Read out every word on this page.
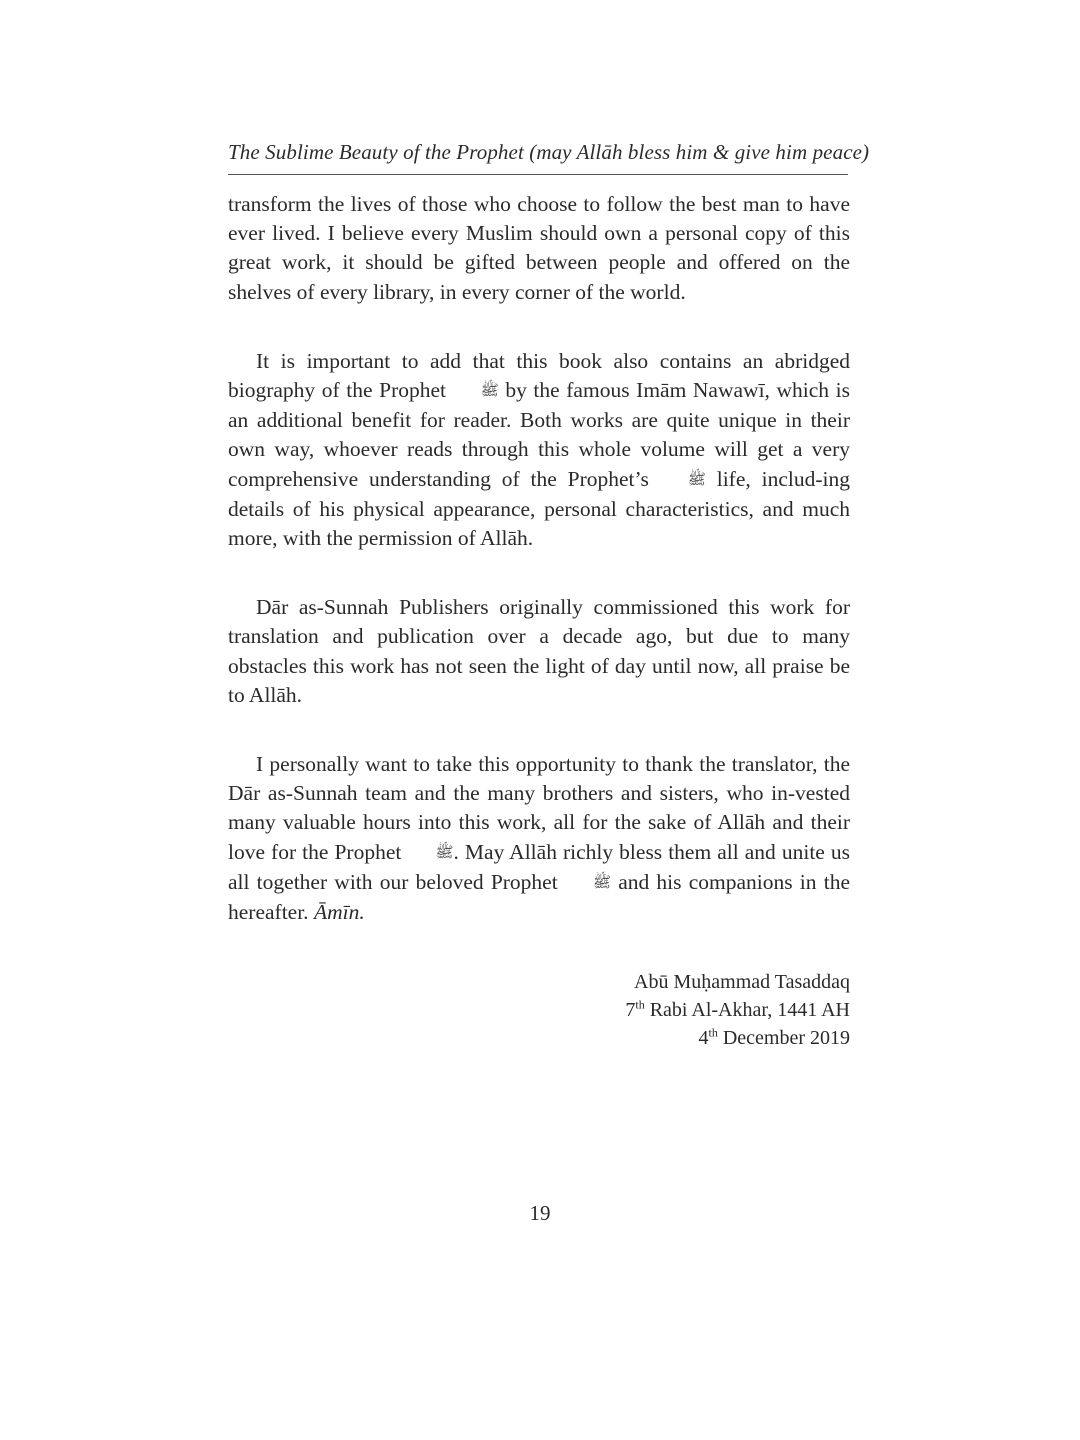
The Sublime Beauty of the Prophet (may Allāh bless him & give him peace)

transform the lives of those who choose to follow the best man to have ever lived. I believe every Muslim should own a personal copy of this great work, it should be gifted between people and offered on the shelves of every library, in every corner of the world.

It is important to add that this book also contains an abridged biography of the Prophet ﷺ by the famous Imām Nawawī, which is an additional benefit for reader. Both works are quite unique in their own way, whoever reads through this whole volume will get a very comprehensive understanding of the Prophet’s ﷺ life, includ-ing details of his physical appearance, personal characteristics, and much more, with the permission of Allāh.

Dār as-Sunnah Publishers originally commissioned this work for translation and publication over a decade ago, but due to many obstacles this work has not seen the light of day until now, all praise be to Allāh.

I personally want to take this opportunity to thank the translator, the Dār as-Sunnah team and the many brothers and sisters, who in-vested many valuable hours into this work, all for the sake of Allāh and their love for the Prophet ﷺ. May Allāh richly bless them all and unite us all together with our beloved Prophet ﷺ and his companions in the hereafter. Āmīn.

Abū Muḥammad Tasaddaq
7th Rabi Al-Akhar, 1441 AH
4th December 2019
19
